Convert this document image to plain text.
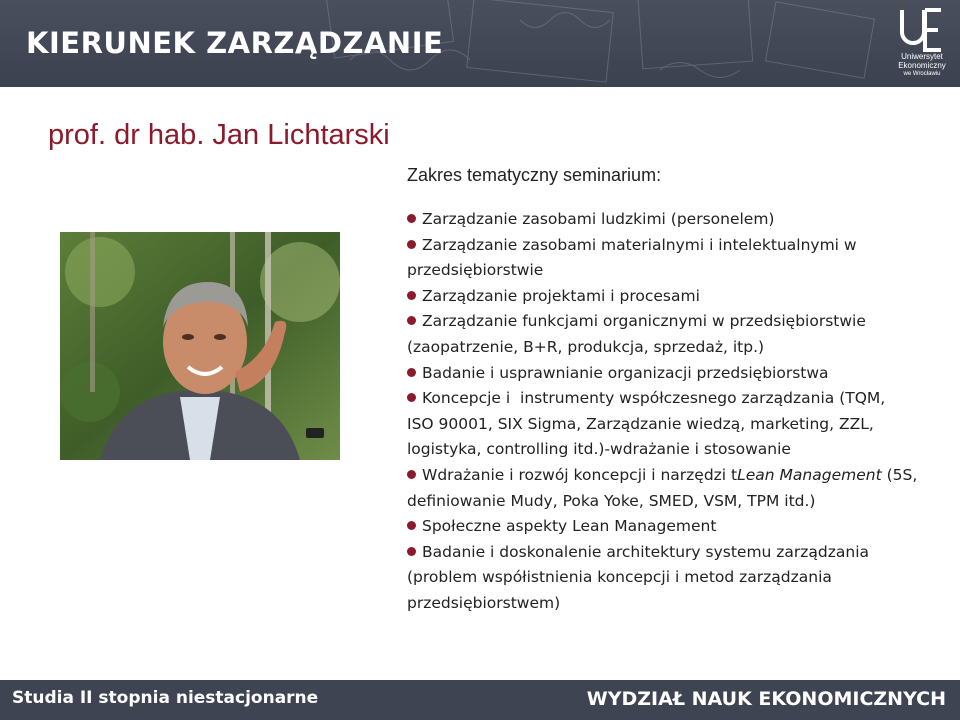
KIERUNEK ZARZĄDZANIE	Uniwersytet
Ekonomiczny
we Wrocławiu
prof. dr hab. Jan Lichtarski
Zakres tematyczny seminarium:
Zarządzanie zasobami ludzkimi (personelem)
Zarządzanie zasobami materialnymi i intelektualnymi w przedsiębiorstwie
Zarządzanie projektami i procesami
Zarządzanie funkcjami organicznymi w przedsiębiorstwie (zaopatrzenie, B+R, produkcja, sprzedaż, itp.)
Badanie i usprawnianie organizacji przedsiębiorstwa
Koncepcje i  instrumenty współczesnego zarządzania (TQM,           ISO 90001, SIX Sigma, Zarządzanie wiedzą, marketing, ZZL, logistyka, controlling itd.)-wdrażanie i stosowanie
Wdrażanie i rozwój koncepcji i narzędzi tLean Management (5S, definiowanie Mudy, Poka Yoke, SMED, VSM, TPM itd.)
Społeczne aspekty Lean Management
Badanie i doskonalenie architektury systemu zarządzania (problem współistnienia koncepcji i metod zarządzania przedsiębiorstwem)
Studia II stopnia niestacjonarne	WYDZIAŁ NAUK EKONOMICZNYCH
